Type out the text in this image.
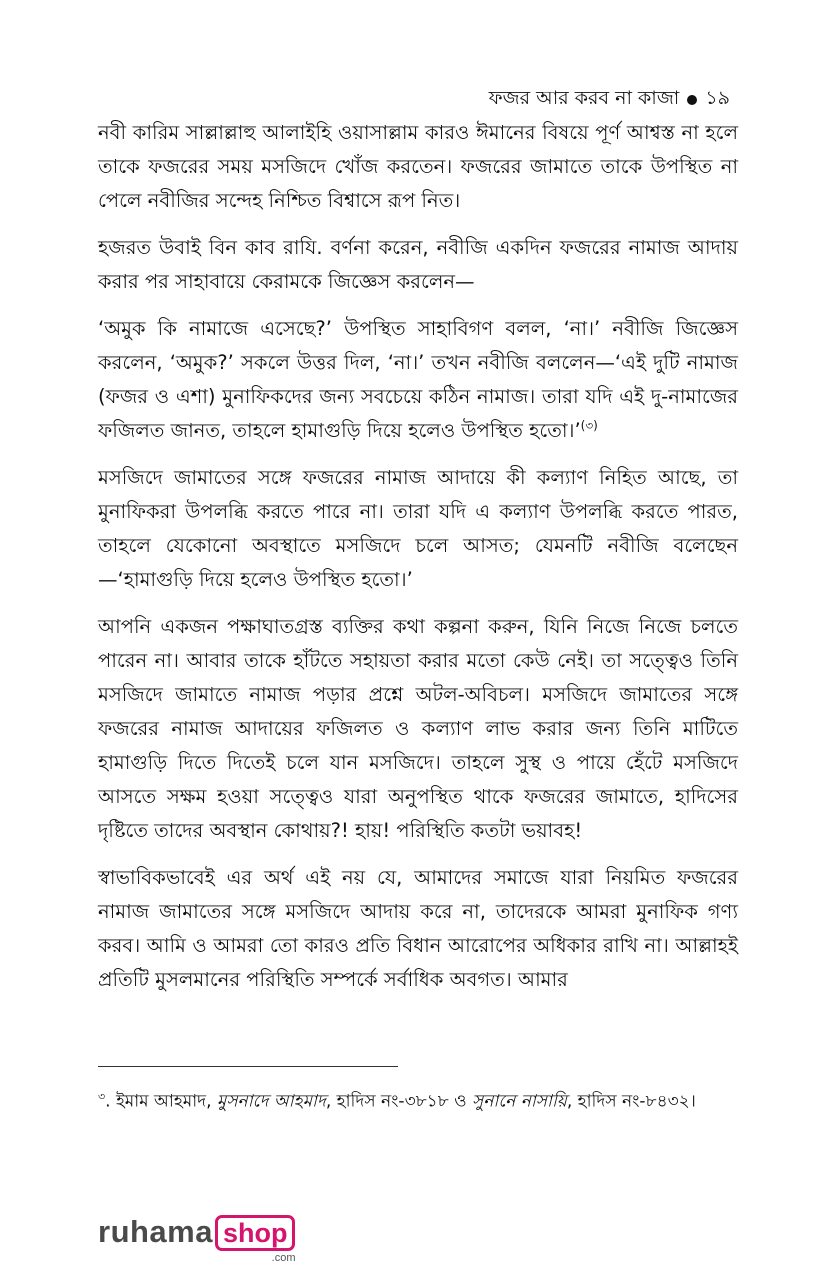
ফজর আর করব না কাজা ১৯

নবী কারিম সাল্লাল্লাহু আলাইহি ওয়াসাল্লাম কারও ঈমানের বিষয়ে পূর্ণ আশ্বস্ত না হলে তাকে ফজরের সময় মসজিদে খোঁজ করতেন। ফজরের জামাতে তাকে উপস্থিত না পেলে নবীজির সন্দেহ নিশ্চিত বিশ্বাসে রূপ নিত।

হজরত উবাই বিন কাব রাযি. বর্ণনা করেন, নবীজি একদিন ফজরের নামাজ আদায় করার পর সাহাবায়ে কেরামকে জিজ্ঞেস করলেন—

‘অমুক কি নামাজে এসেছে?’ উপস্থিত সাহাবিগণ বলল, ‘না।’ নবীজি জিজ্ঞেস করলেন, ‘অমুক?’ সকলে উত্তর দিল, ‘না।’ তখন নবীজি বললেন—‘এই দুটি নামাজ (ফজর ও এশা) মুনাফিকদের জন্য সবচেয়ে কঠিন নামাজ। তারা যদি এই দু-নামাজের ফজিলত জানত, তাহলে হামাগুড়ি দিয়ে হলেও উপস্থিত হতো।’$^{(৩)}$

মসজিদে জামাতের সঙ্গে ফজরের নামাজ আদায়ে কী কল্যাণ নিহিত আছে, তা মুনাফিকরা উপলব্ধি করতে পারে না। তারা যদি এ কল্যাণ উপলব্ধি করতে পারত, তাহলে যেকোনো অবস্থাতে মসজিদে চলে আসত; যেমনটি নবীজি বলেছেন—‘হামাগুড়ি দিয়ে হলেও উপস্থিত হতো।’

আপনি একজন পক্ষাঘাতগ্রস্ত ব্যক্তির কথা কল্পনা করুন, যিনি নিজে নিজে চলতে পারেন না। আবার তাকে হাঁটতে সহায়তা করার মতো কেউ নেই। তা সত্ত্বেও তিনি মসজিদে জামাতে নামাজ পড়ার প্রশ্নে অটল-অবিচল। মসজিদে জামাতের সঙ্গে ফজরের নামাজ আদায়ের ফজিলত ও কল্যাণ লাভ করার জন্য তিনি মাটিতে হামাগুড়ি দিতে দিতেই চলে যান মসজিদে। তাহলে সুস্থ ও পায়ে হেঁটে মসজিদে আসতে সক্ষম হওয়া সত্ত্বেও যারা অনুপস্থিত থাকে ফজরের জামাতে, হাদিসের দৃষ্টিতে তাদের অবস্থান কোথায়?! হায়! পরিস্থিতি কতটা ভয়াবহ!

স্বাভাবিকভাবেই এর অর্থ এই নয় যে, আমাদের সমাজে যারা নিয়মিত ফজরের নামাজ জামাতের সঙ্গে মসজিদে আদায় করে না, তাদেরকে আমরা মুনাফিক গণ্য করব। আমি ও আমরা তো কারও প্রতি বিধান আরোপের অধিকার রাখি না। আল্লাহই প্রতিটি মুসলমানের পরিস্থিতি সম্পর্কে সর্বাধিক অবগত। আমার

$^৩$. ইমাম আহমাদ, মুসনাদে আহমাদ, হাদিস নং-৩৮১৮ ও সুনানে নাসায়ি, হাদিস নং-৮৪৩২।
ruhama shop
.com
